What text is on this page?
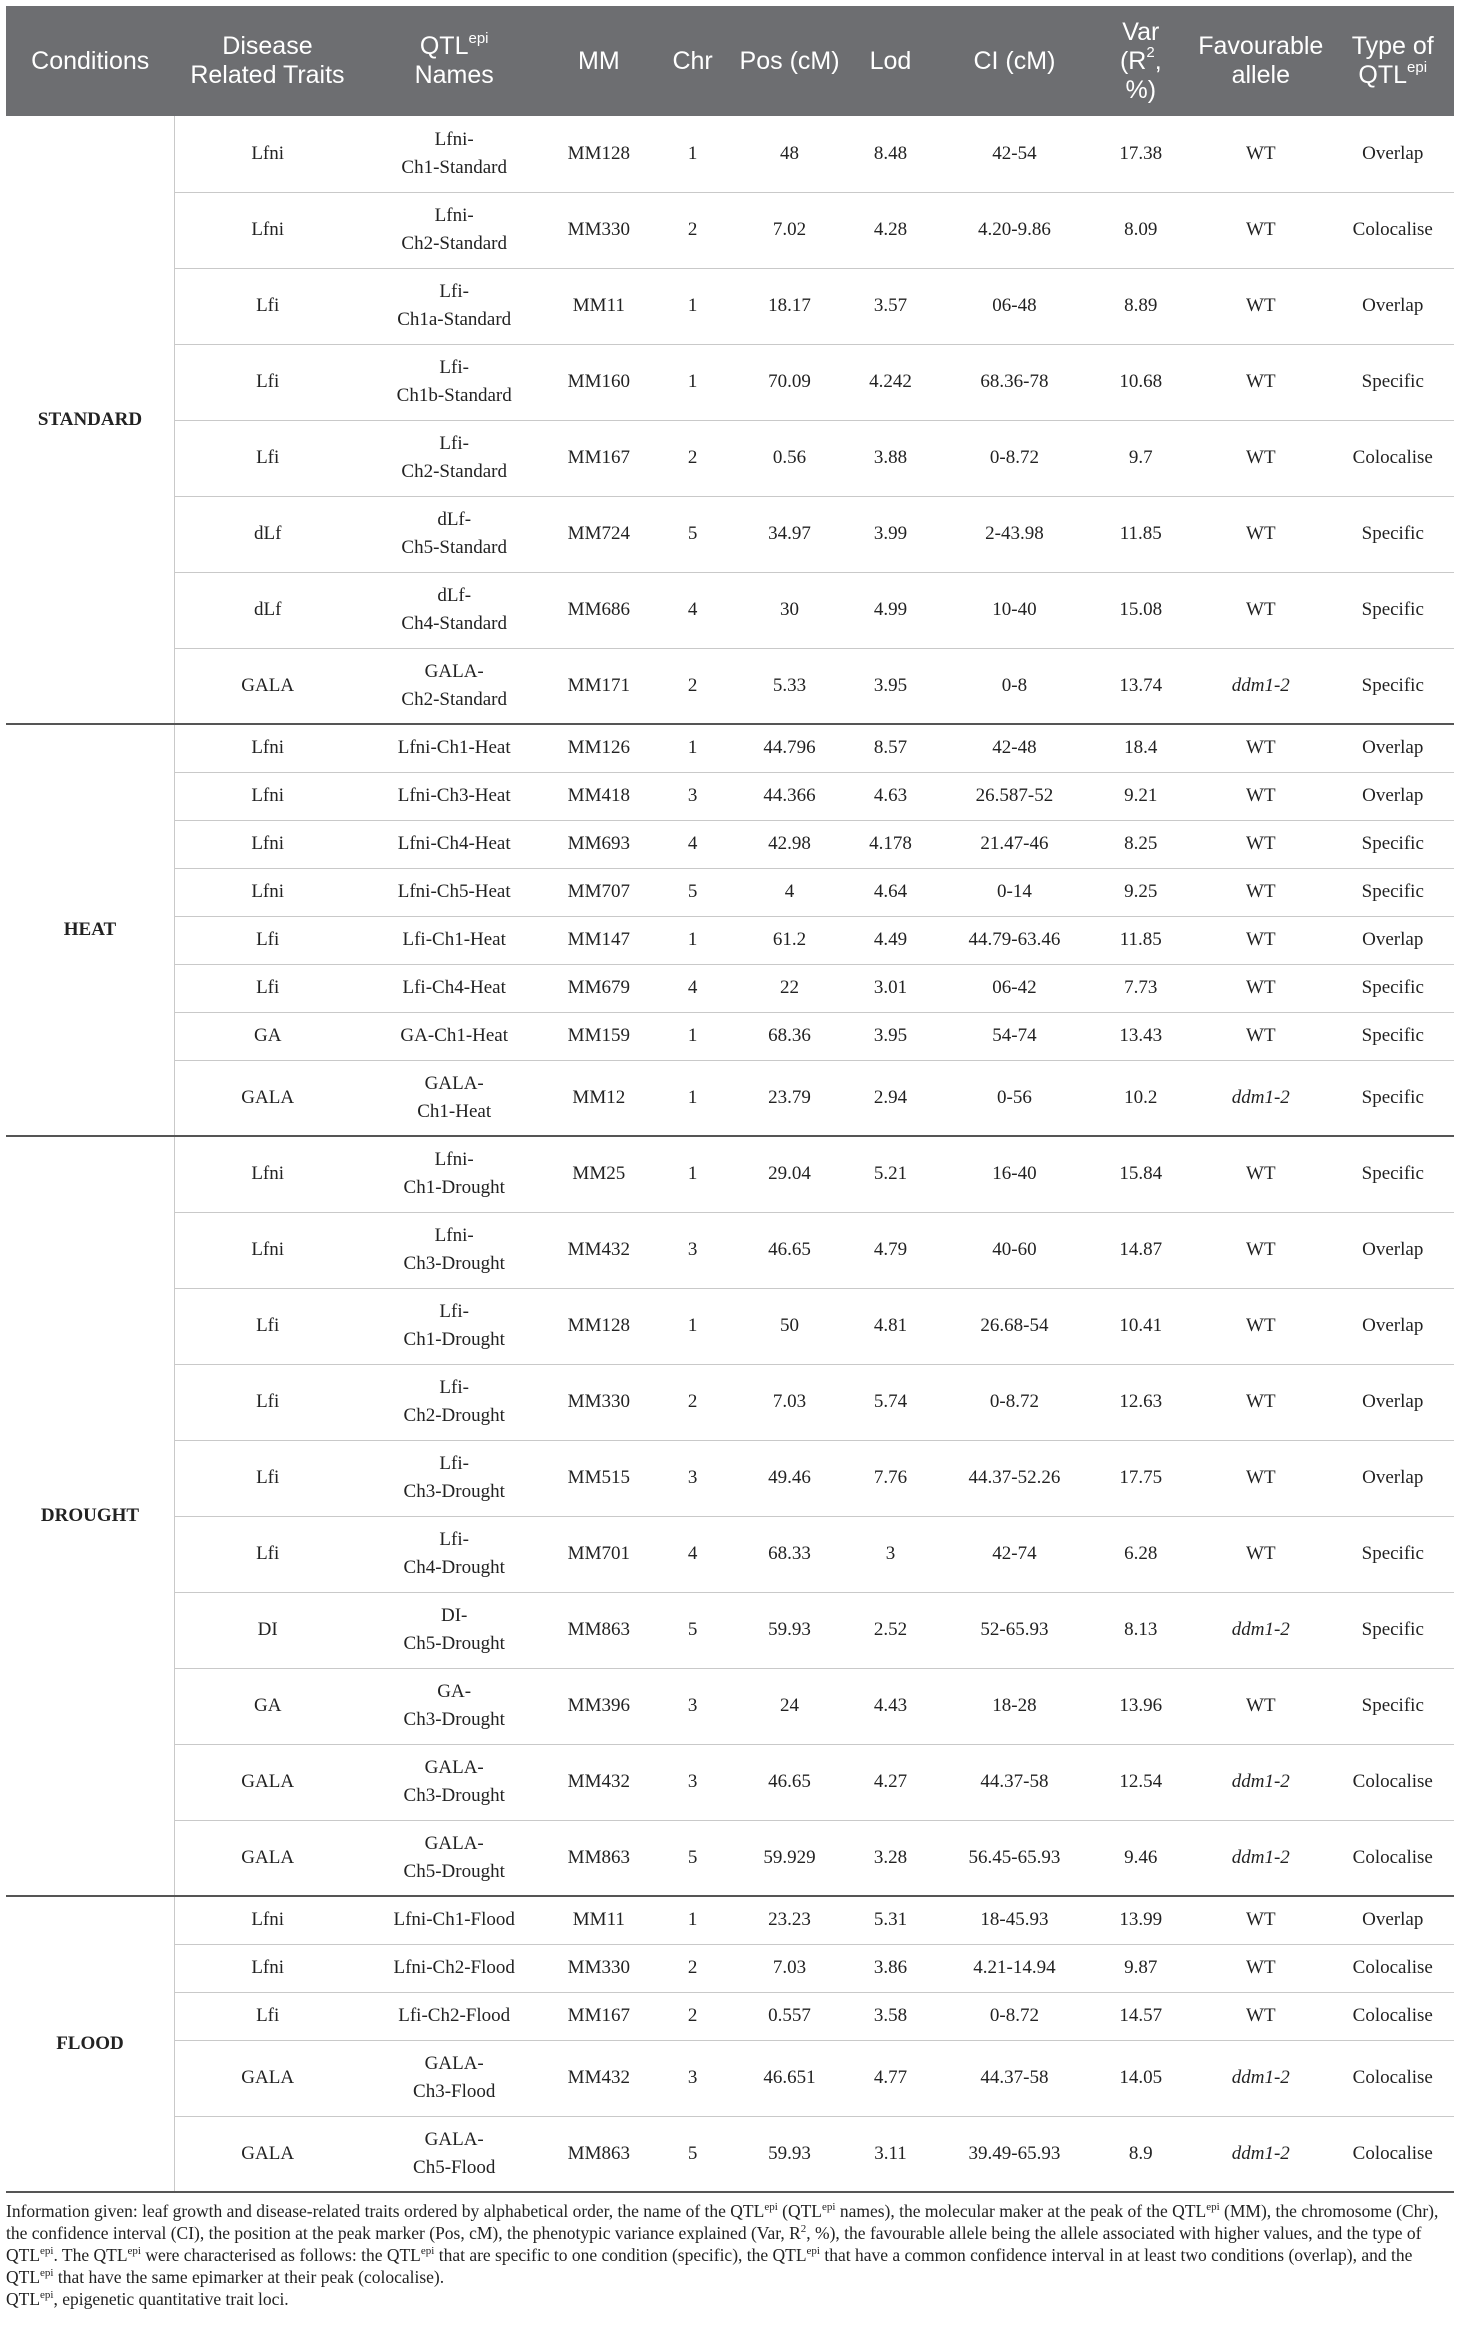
Conditions	Disease Related Traits	$QTL^{epi}$
Names	MM	Chr	Pos (cM)	Lod	CI (cM)	Var
($R^2$,
%)	Favourable allele	Type of
$QTL^{epi}$
STANDARD	Lfni	Lfni-
Ch1-Standard	MM128	1	48	8.48	42-54	17.38	WT	Overlap
	Lfni	Lfni-
Ch2-Standard	MM330	2	7.02	4.28	4.20-9.86	8.09	WT	Colocalise
	Lfi	Lfi-
Ch1a-Standard	MM11	1	18.17	3.57	06-48	8.89	WT	Overlap
	Lfi	Lfi-
Ch1b-Standard	MM160	1	70.09	4.242	68.36-78	10.68	WT	Specific
	Lfi	Lfi-
Ch2-Standard	MM167	2	0.56	3.88	0-8.72	9.7	WT	Colocalise
	dLf	dLf-
Ch5-Standard	MM724	5	34.97	3.99	2-43.98	11.85	WT	Specific
	dLf	dLf-
Ch4-Standard	MM686	4	30	4.99	10-40	15.08	WT	Specific
	GALA	GALA-
Ch2-Standard	MM171	2	5.33	3.95	0-8	13.74	ddm1-2	Specific
HEAT	Lfni	Lfni-Ch1-Heat	MM126	1	44.796	8.57	42-48	18.4	WT	Overlap
	Lfni	Lfni-Ch3-Heat	MM418	3	44.366	4.63	26.587-52	9.21	WT	Overlap
	Lfni	Lfni-Ch4-Heat	MM693	4	42.98	4.178	21.47-46	8.25	WT	Specific
	Lfni	Lfni-Ch5-Heat	MM707	5	4	4.64	0-14	9.25	WT	Specific
	Lfi	Lfi-Ch1-Heat	MM147	1	61.2	4.49	44.79-63.46	11.85	WT	Overlap
	Lfi	Lfi-Ch4-Heat	MM679	4	22	3.01	06-42	7.73	WT	Specific
	GA	GA-Ch1-Heat	MM159	1	68.36	3.95	54-74	13.43	WT	Specific
	GALA	GALA-
Ch1-Heat	MM12	1	23.79	2.94	0-56	10.2	ddm1-2	Specific
DROUGHT	Lfni	Lfni-
Ch1-Drought	MM25	1	29.04	5.21	16-40	15.84	WT	Specific
	Lfni	Lfni-
Ch3-Drought	MM432	3	46.65	4.79	40-60	14.87	WT	Overlap
	Lfi	Lfi-
Ch1-Drought	MM128	1	50	4.81	26.68-54	10.41	WT	Overlap
	Lfi	Lfi-
Ch2-Drought	MM330	2	7.03	5.74	0-8.72	12.63	WT	Overlap
	Lfi	Lfi-
Ch3-Drought	MM515	3	49.46	7.76	44.37-52.26	17.75	WT	Overlap
	Lfi	Lfi-
Ch4-Drought	MM701	4	68.33	3	42-74	6.28	WT	Specific
	DI	DI-
Ch5-Drought	MM863	5	59.93	2.52	52-65.93	8.13	ddm1-2	Specific
	GA	GA-
Ch3-Drought	MM396	3	24	4.43	18-28	13.96	WT	Specific
	GALA	GALA-
Ch3-Drought	MM432	3	46.65	4.27	44.37-58	12.54	ddm1-2	Colocalise
	GALA	GALA-
Ch5-Drought	MM863	5	59.929	3.28	56.45-65.93	9.46	ddm1-2	Colocalise
FLOOD	Lfni	Lfni-Ch1-Flood	MM11	1	23.23	5.31	18-45.93	13.99	WT	Overlap
	Lfni	Lfni-Ch2-Flood	MM330	2	7.03	3.86	4.21-14.94	9.87	WT	Colocalise
	Lfi	Lfi-Ch2-Flood	MM167	2	0.557	3.58	0-8.72	14.57	WT	Colocalise
	GALA	GALA-
Ch3-Flood	MM432	3	46.651	4.77	44.37-58	14.05	ddm1-2	Colocalise
	GALA	GALA-
Ch5-Flood	MM863	5	59.93	3.11	39.49-65.93	8.9	ddm1-2	Colocalise

Information given: leaf growth and disease-related traits ordered by alphabetical order, the name of the $QTL^{epi}$ ($QTL^{epi}$ names), the molecular maker at the peak of the $QTL^{epi}$ (MM), the chromosome (Chr), the confidence interval (CI), the position at the peak marker (Pos, cM), the phenotypic variance explained (Var, $R^2$, %), the favourable allele being the allele associated with higher values, and the type of $QTL^{epi}$. The $QTL^{epi}$ were characterised as follows: the $QTL^{epi}$ that are specific to one condition (specific), the $QTL^{epi}$ that have a common confidence interval in at least two conditions (overlap), and the $QTL^{epi}$ that have the same epimarker at their peak (colocalise).

$QTL^{epi}$, epigenetic quantitative trait loci.
